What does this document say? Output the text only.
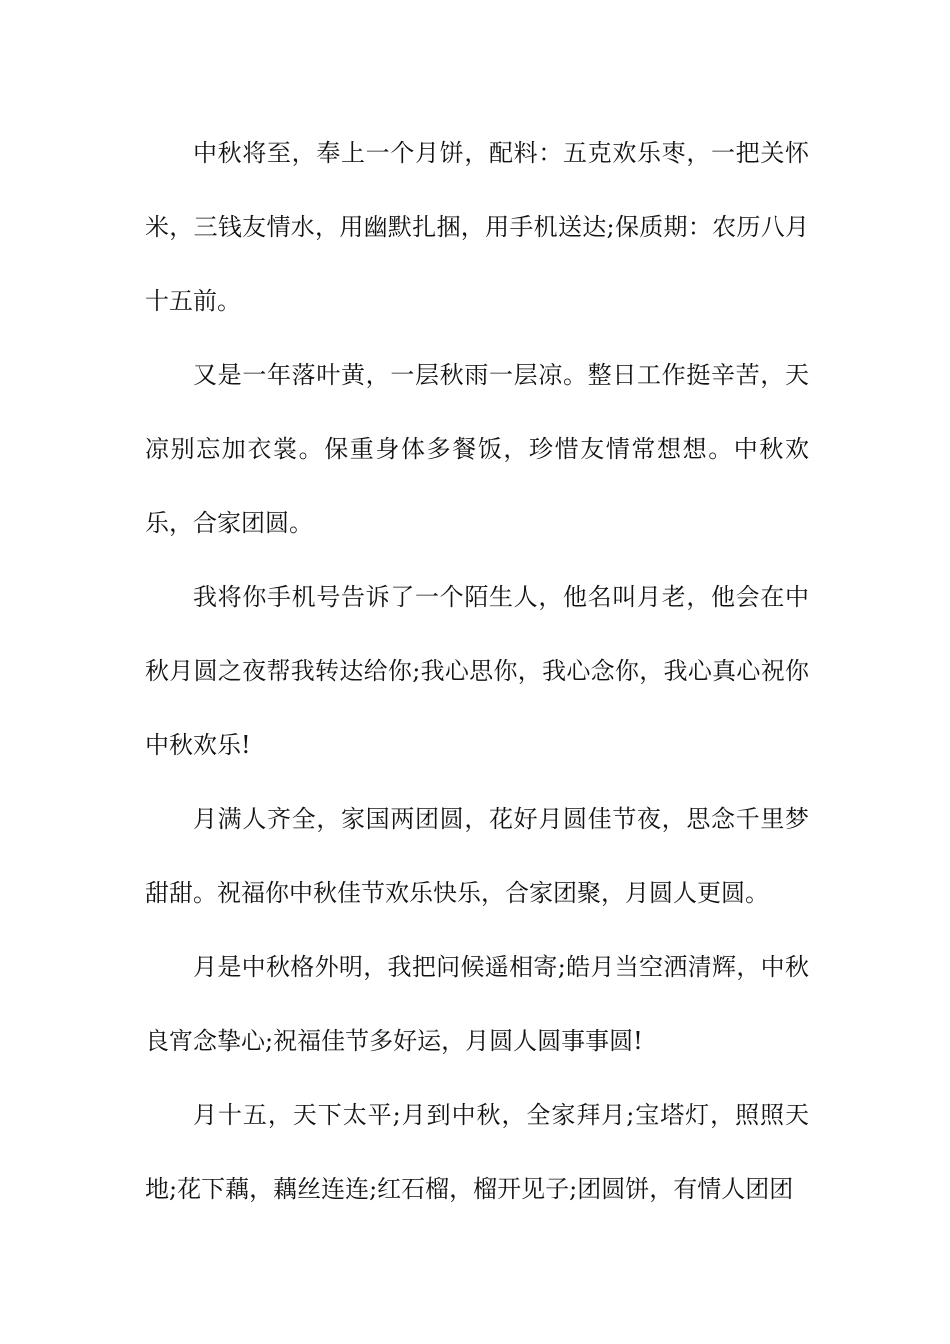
中秋将至，奉上一个月饼，配料：五克欢乐枣，一把关怀米，三钱友情水，用幽默扎捆，用手机送达;保质期：农历八月十五前。

又是一年落叶黄，一层秋雨一层凉。整日工作挺辛苦，天凉别忘加衣裳。保重身体多餐饭，珍惜友情常想想。中秋欢乐，合家团圆。

我将你手机号告诉了一个陌生人，他名叫月老，他会在中秋月圆之夜帮我转达给你;我心思你，我心念你，我心真心祝你中秋欢乐!

月满人齐全，家国两团圆，花好月圆佳节夜，思念千里梦甜甜。祝福你中秋佳节欢乐快乐，合家团聚，月圆人更圆。

月是中秋格外明，我把问候遥相寄;皓月当空洒清辉，中秋良宵念挚心;祝福佳节多好运，月圆人圆事事圆!

月十五，天下太平;月到中秋，全家拜月;宝塔灯，照照天地;花下藕，藕丝连连;红石榴，榴开见子;团圆饼，有情人团团
